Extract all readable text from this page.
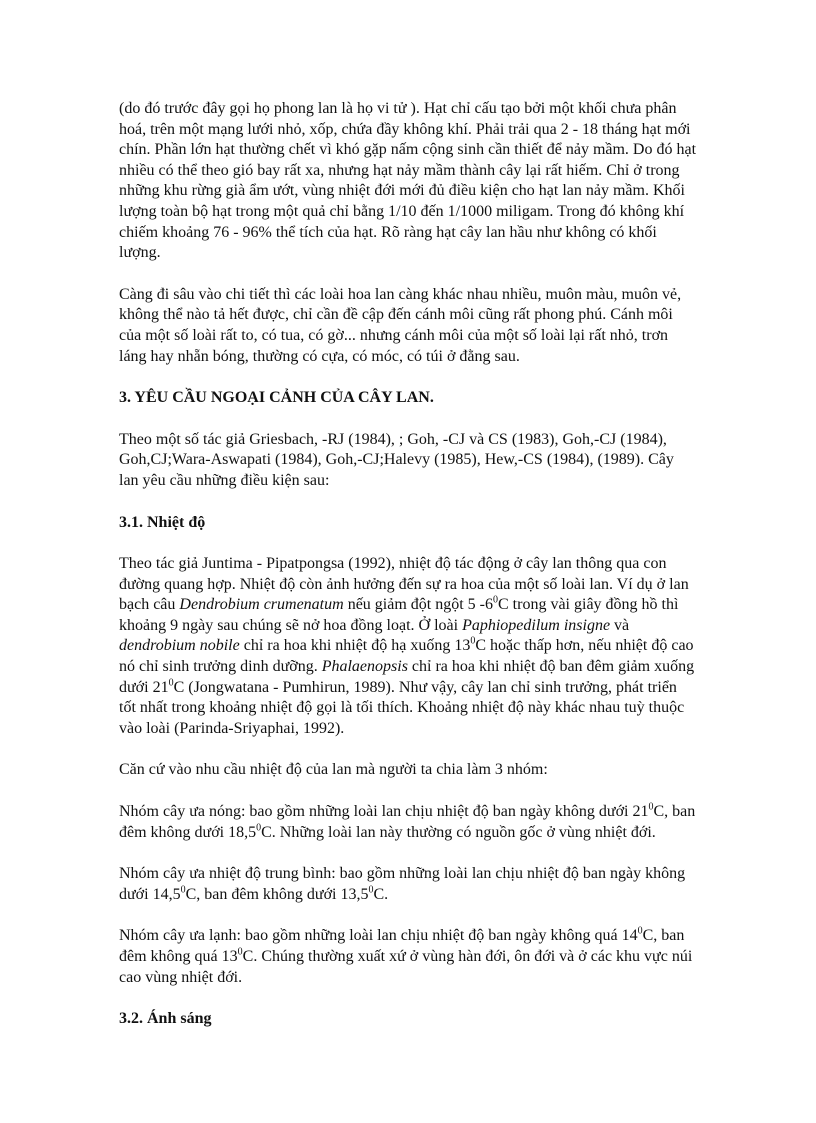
(do đó trước đây gọi họ phong lan là họ vi tử ). Hạt chỉ cấu tạo bởi một khối chưa phân hoá, trên một mạng lưới nhỏ, xốp, chứa đầy không khí. Phải trải qua 2 - 18 tháng hạt mới chín. Phần lớn hạt thường chết vì khó gặp nấm cộng sinh cần thiết để nảy mầm. Do đó hạt nhiều có thể theo gió bay rất xa, nhưng hạt nảy mầm thành cây lại rất hiếm. Chỉ ở trong những khu rừng già ẩm ướt, vùng nhiệt đới mới đủ điều kiện cho hạt lan nảy mầm. Khối lượng toàn bộ hạt trong một quả chỉ bằng 1/10 đến 1/1000 miligam. Trong đó không khí chiếm khoảng 76 - 96% thể tích của hạt. Rõ ràng hạt cây lan hầu như không có khối lượng.

Càng đi sâu vào chi tiết thì các loài hoa lan càng khác nhau nhiều, muôn màu, muôn vẻ, không thể nào tả hết được, chỉ cần đề cập đến cánh môi cũng rất phong phú. Cánh môi của một số loài rất to, có tua, có gờ... nhưng cánh môi của một số loài lại rất nhỏ, trơn láng hay nhẵn bóng, thường có cựa, có móc, có túi ở đằng sau.

3. YÊU CẦU NGOẠI CẢNH CỦA CÂY LAN.

Theo một số tác giả Griesbach, -RJ (1984), ; Goh, -CJ và CS (1983), Goh,-CJ (1984), Goh,CJ;Wara-Aswapati (1984), Goh,-CJ;Halevy (1985), Hew,-CS (1984), (1989). Cây lan yêu cầu những điều kiện sau:

3.1. Nhiệt độ

Theo tác giả Juntima - Pipatpongsa (1992), nhiệt độ tác động ở cây lan thông qua con đường quang hợp. Nhiệt độ còn ảnh hưởng đến sự ra hoa của một số loài lan. Ví dụ ở lan bạch câu Dendrobium crumenatum nếu giảm đột ngột 5 $-6^0C$ trong vài giây đồng hồ thì khoảng 9 ngày sau chúng sẽ nở hoa đồng loạt. Ở loài Paphiopedilum insigne và dendrobium nobile chỉ ra hoa khi nhiệt độ hạ xuống $13^0C$ hoặc thấp hơn, nếu nhiệt độ cao nó chỉ sinh trưởng dinh dưỡng. Phalaenopsis chỉ ra hoa khi nhiệt độ ban đêm giảm xuống dưới $21^0C$ (Jongwatana - Pumhirun, 1989). Như vậy, cây lan chỉ sinh trưởng, phát triển tốt nhất trong khoảng nhiệt độ gọi là tối thích. Khoảng nhiệt độ này khác nhau tuỳ thuộc vào loài (Parinda-Sriyaphai, 1992).

Căn cứ vào nhu cầu nhiệt độ của lan mà người ta chia làm 3 nhóm:

Nhóm cây ưa nóng: bao gồm những loài lan chịu nhiệt độ ban ngày không dưới $21^0C$, ban đêm không dưới 18,5$^0$C. Những loài lan này thường có nguồn gốc ở vùng nhiệt đới.

Nhóm cây ưa nhiệt độ trung bình: bao gồm những loài lan chịu nhiệt độ ban ngày không dưới 14,5$^0$C, ban đêm không dưới 13,5$^0$C.

Nhóm cây ưa lạnh: bao gồm những loài lan chịu nhiệt độ ban ngày không quá $14^0C$, ban đêm không quá $13^0C$. Chúng thường xuất xứ ở vùng hàn đới, ôn đới và ở các khu vực núi cao vùng nhiệt đới.

3.2. Ánh sáng
